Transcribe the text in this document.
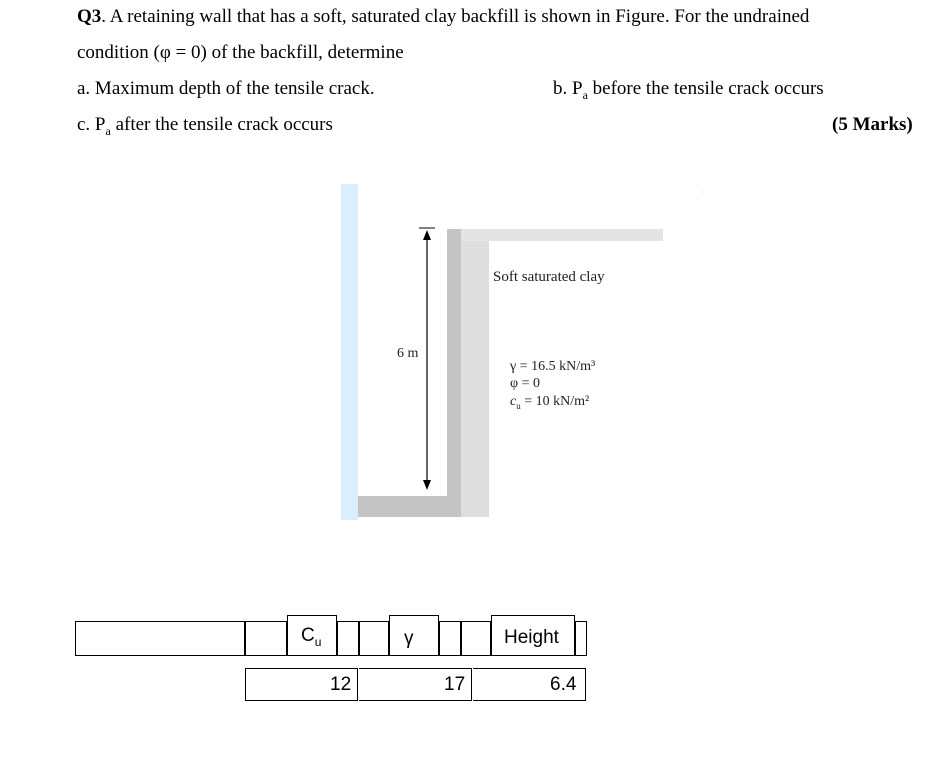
Q3. A retaining wall that has a soft, saturated clay backfill is shown in Figure. For the undrained
condition (φ = 0) of the backfill, determine
a. Maximum depth of the tensile crack.	b. $P_a$ before the tensile crack occurs
c. $P_a$ after the tensile crack occurs	(5 Marks)
6 m
Soft saturated clay
γ = 16.5 kN/m³
φ = 0
$c_u = 10$ kN/m²
$C_u$	γ	Height
12	17	6.4
